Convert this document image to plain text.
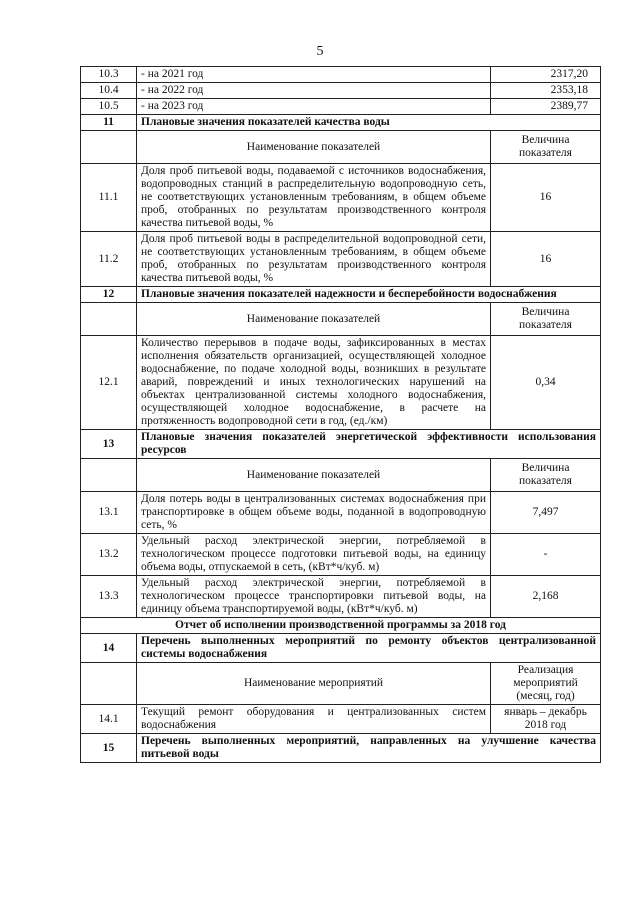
5
10.3	- на 2021 год	2317,20
10.4	- на 2022 год	2353,18
10.5	- на 2023 год	2389,77
11	Плановые значения показателей качества воды	
	Наименование показателей	Величина показателя
11.1	Доля проб питьевой воды, подаваемой с источников водоснабжения, водопроводных станций в распределительную водопроводную сеть, не соответствующих установленным требованиям, в общем объеме проб, отобранных по результатам производственного контроля качества питьевой воды, %	16
11.2	Доля проб питьевой воды в распределительной водопроводной сети, не соответствующих установленным требованиям, в общем объеме проб, отобранных по результатам производственного контроля качества питьевой воды, %	16
12	Плановые значения показателей надежности и бесперебойности водоснабжения	
	Наименование показателей	Величина показателя
12.1	Количество перерывов в подаче воды, зафиксированных в местах исполнения обязательств организацией, осуществляющей холодное водоснабжение, по подаче холодной воды, возникших в результате аварий, повреждений и иных технологических нарушений на объектах централизованной системы холодного водоснабжения, осуществляющей холодное водоснабжение, в расчете на протяженность водопроводной сети в год, (ед./км)	0,34
13	Плановые значения показателей энергетической эффективности использования ресурсов	
	Наименование показателей	Величина показателя
13.1	Доля потерь воды в централизованных системах водоснабжения при транспортировке в общем объеме воды, поданной в водопроводную сеть, %	7,497
13.2	Удельный расход электрической энергии, потребляемой в технологическом процессе подготовки питьевой воды, на единицу объема воды, отпускаемой в сеть, (кВт*ч/куб. м)	-
13.3	Удельный расход электрической энергии, потребляемой в технологическом процессе транспортировки питьевой воды, на единицу объема транспортируемой воды, (кВт*ч/куб. м)	2,168
Отчет об исполнении производственной программы за 2018 год		
14	Перечень выполненных мероприятий по ремонту объектов централизованной системы водоснабжения	
	Наименование мероприятий	Реализация мероприятий (месяц, год)
14.1	Текущий ремонт оборудования и централизованных систем водоснабжения	январь – декабрь 2018 год
15	Перечень выполненных мероприятий, направленных на улучшение качества питьевой воды	
